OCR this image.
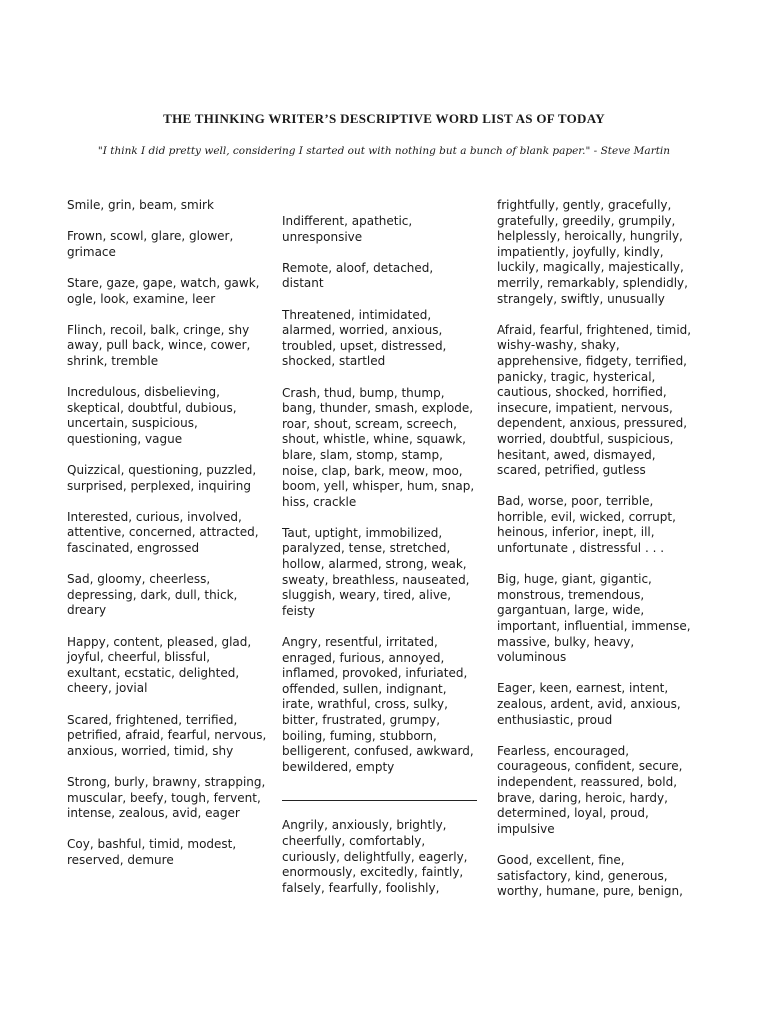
THE THINKING WRITER’S DESCRIPTIVE WORD LIST AS OF TODAY
"I think I did pretty well, considering I started out with nothing but a bunch of blank paper." - Steve Martin

Smile, grin, beam, smirk

Frown, scowl, glare, glower, grimace

Stare, gaze, gape, watch, gawk, ogle, look, examine, leer

Flinch, recoil, balk, cringe, shy away, pull back, wince, cower, shrink, tremble

Incredulous, disbelieving, skeptical, doubtful, dubious, uncertain, suspicious, questioning, vague

Quizzical, questioning, puzzled, surprised, perplexed, inquiring

Interested, curious, involved, attentive, concerned, attracted, fascinated, engrossed

Sad, gloomy, cheerless, depressing, dark, dull, thick, dreary

Happy, content, pleased, glad, joyful, cheerful, blissful, exultant, ecstatic, delighted, cheery, jovial

Scared, frightened, terrified, petrified, afraid, fearful, nervous, anxious, worried, timid, shy

Strong, burly, brawny, strapping, muscular, beefy, tough, fervent, intense, zealous, avid, eager

Coy, bashful, timid, modest, reserved, demure

Indifferent, apathetic, unresponsive

Remote, aloof, detached, distant

Threatened, intimidated, alarmed, worried, anxious, troubled, upset, distressed, shocked, startled

Crash, thud, bump, thump, bang, thunder, smash, explode, roar, shout, scream, screech, shout, whistle, whine, squawk, blare, slam, stomp, stamp, noise, clap, bark, meow, moo, boom, yell, whisper, hum, snap, hiss, crackle

Taut, uptight, immobilized, paralyzed, tense, stretched, hollow, alarmed, strong, weak, sweaty, breathless, nauseated, sluggish, weary, tired, alive, feisty

Angry, resentful, irritated, enraged, furious, annoyed, inflamed, provoked, infuriated, offended, sullen, indignant, irate, wrathful, cross, sulky, bitter, frustrated, grumpy, boiling, fuming, stubborn, belligerent, confused, awkward, bewildered, empty

Angrily, anxiously, brightly, cheerfully, comfortably, curiously, delightfully, eagerly, enormously, excitedly, faintly, falsely, fearfully, foolishly,

frightfully, gently, gracefully, gratefully, greedily, grumpily, helplessly, heroically, hungrily, impatiently, joyfully, kindly, luckily, magically, majestically, merrily, remarkably, splendidly, strangely, swiftly, unusually

Afraid, fearful, frightened, timid, wishy-washy, shaky, apprehensive, fidgety, terrified, panicky, tragic, hysterical, cautious, shocked, horrified, insecure, impatient, nervous, dependent, anxious, pressured, worried, doubtful, suspicious, hesitant, awed, dismayed, scared, petrified, gutless

Bad, worse, poor, terrible, horrible, evil, wicked, corrupt, heinous, inferior, inept, ill, unfortunate , distressful . . .

Big, huge, giant, gigantic, monstrous, tremendous, gargantuan, large, wide, important, influential, immense, massive, bulky, heavy, voluminous

Eager, keen, earnest, intent, zealous, ardent, avid, anxious, enthusiastic, proud

Fearless, encouraged, courageous, confident, secure, independent, reassured, bold, brave, daring, heroic, hardy, determined, loyal, proud, impulsive

Good, excellent, fine, satisfactory, kind, generous, worthy, humane, pure, benign,
